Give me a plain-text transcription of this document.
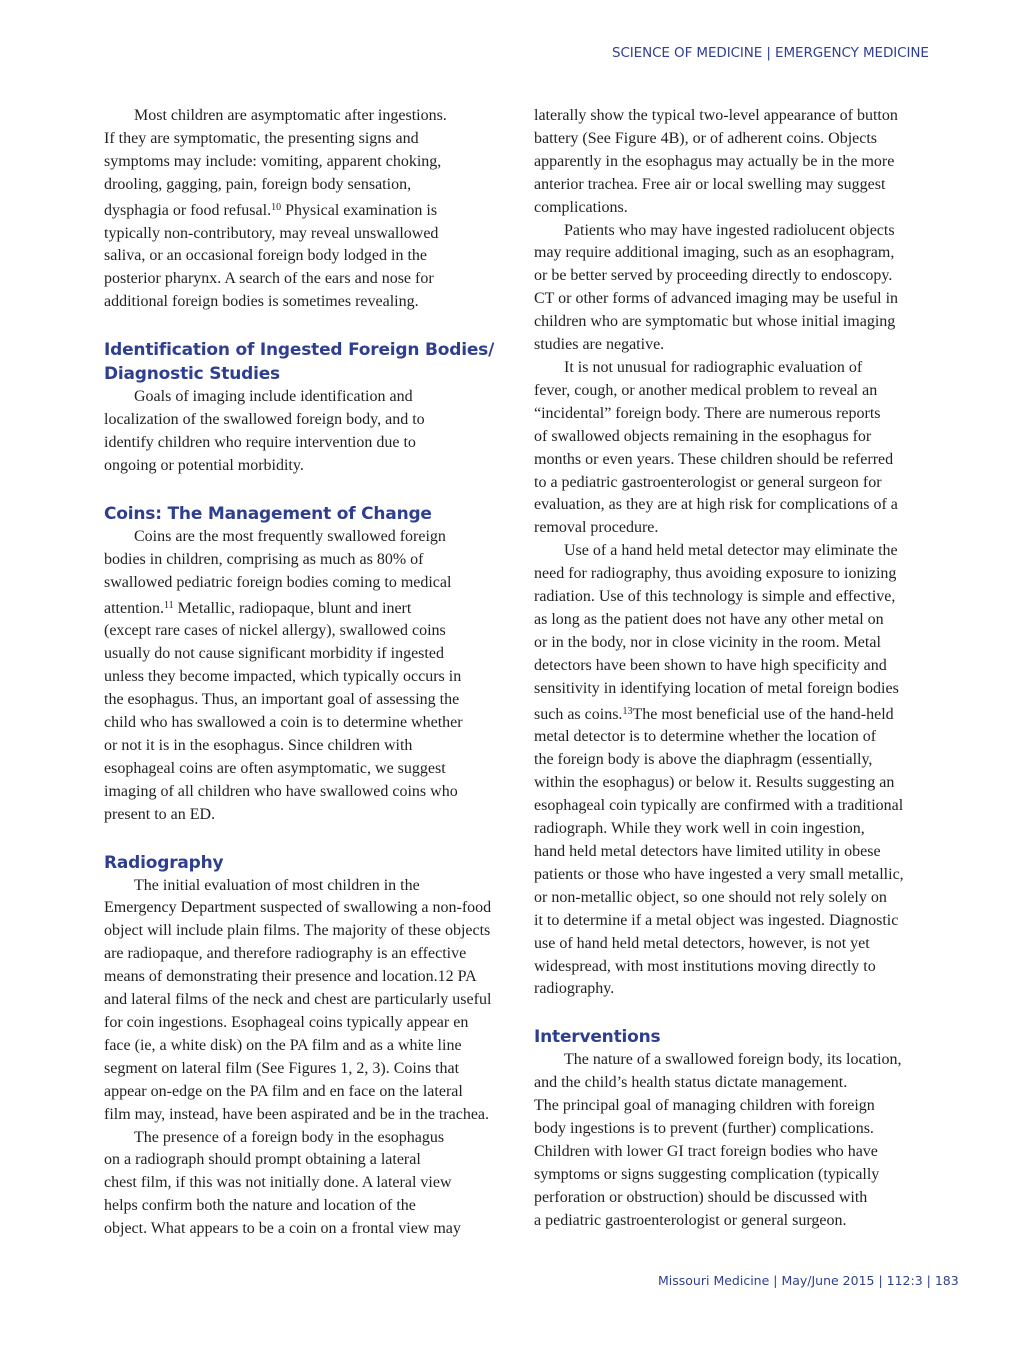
SCIENCE OF MEDICINE | EMERGENCY MEDICINE

Most children are asymptomatic after ingestions.
If they are symptomatic, the presenting signs and
symptoms may include: vomiting, apparent choking,
drooling, gagging, pain, foreign body sensation,
dysphagia or food refusal.$^{10}$ Physical examination is
typically non-contributory, may reveal unswallowed
saliva, or an occasional foreign body lodged in the
posterior pharynx. A search of the ears and nose for
additional foreign bodies is sometimes revealing.

Identification of Ingested Foreign Bodies/
Diagnostic Studies

Goals of imaging include identification and
localization of the swallowed foreign body, and to
identify children who require intervention due to
ongoing or potential morbidity.

Coins: The Management of Change

Coins are the most frequently swallowed foreign
bodies in children, comprising as much as 80% of
swallowed pediatric foreign bodies coming to medical
attention.$^{11}$ Metallic, radiopaque, blunt and inert
(except rare cases of nickel allergy), swallowed coins
usually do not cause significant morbidity if ingested
unless they become impacted, which typically occurs in
the esophagus. Thus, an important goal of assessing the
child who has swallowed a coin is to determine whether
or not it is in the esophagus. Since children with
esophageal coins are often asymptomatic, we suggest
imaging of all children who have swallowed coins who
present to an ED.

Radiography

The initial evaluation of most children in the
Emergency Department suspected of swallowing a non-food
object will include plain films. The majority of these objects
are radiopaque, and therefore radiography is an effective
means of demonstrating their presence and location.12 PA
and lateral films of the neck and chest are particularly useful
for coin ingestions. Esophageal coins typically appear en
face (ie, a white disk) on the PA film and as a white line
segment on lateral film (See Figures 1, 2, 3). Coins that
appear on-edge on the PA film and en face on the lateral
film may, instead, have been aspirated and be in the trachea.

The presence of a foreign body in the esophagus
on a radiograph should prompt obtaining a lateral
chest film, if this was not initially done. A lateral view
helps confirm both the nature and location of the
object. What appears to be a coin on a frontal view may

laterally show the typical two-level appearance of button
battery (See Figure 4B), or of adherent coins. Objects
apparently in the esophagus may actually be in the more
anterior trachea. Free air or local swelling may suggest
complications.

Patients who may have ingested radiolucent objects
may require additional imaging, such as an esophagram,
or be better served by proceeding directly to endoscopy.
CT or other forms of advanced imaging may be useful in
children who are symptomatic but whose initial imaging
studies are negative.

It is not unusual for radiographic evaluation of
fever, cough, or another medical problem to reveal an
“incidental” foreign body. There are numerous reports
of swallowed objects remaining in the esophagus for
months or even years. These children should be referred
to a pediatric gastroenterologist or general surgeon for
evaluation, as they are at high risk for complications of a
removal procedure.

Use of a hand held metal detector may eliminate the
need for radiography, thus avoiding exposure to ionizing
radiation. Use of this technology is simple and effective,
as long as the patient does not have any other metal on
or in the body, nor in close vicinity in the room. Metal
detectors have been shown to have high specificity and
sensitivity in identifying location of metal foreign bodies
such as coins.$^{13}$The most beneficial use of the hand-held
metal detector is to determine whether the location of
the foreign body is above the diaphragm (essentially,
within the esophagus) or below it. Results suggesting an
esophageal coin typically are confirmed with a traditional
radiograph. While they work well in coin ingestion,
hand held metal detectors have limited utility in obese
patients or those who have ingested a very small metallic,
or non-metallic object, so one should not rely solely on
it to determine if a metal object was ingested. Diagnostic
use of hand held metal detectors, however, is not yet
widespread, with most institutions moving directly to
radiography.

Interventions

The nature of a swallowed foreign body, its location,
and the child’s health status dictate management.
The principal goal of managing children with foreign
body ingestions is to prevent (further) complications.
Children with lower GI tract foreign bodies who have
symptoms or signs suggesting complication (typically
perforation or obstruction) should be discussed with
a pediatric gastroenterologist or general surgeon.

Missouri Medicine | May/June 2015 | 112:3 | 183
